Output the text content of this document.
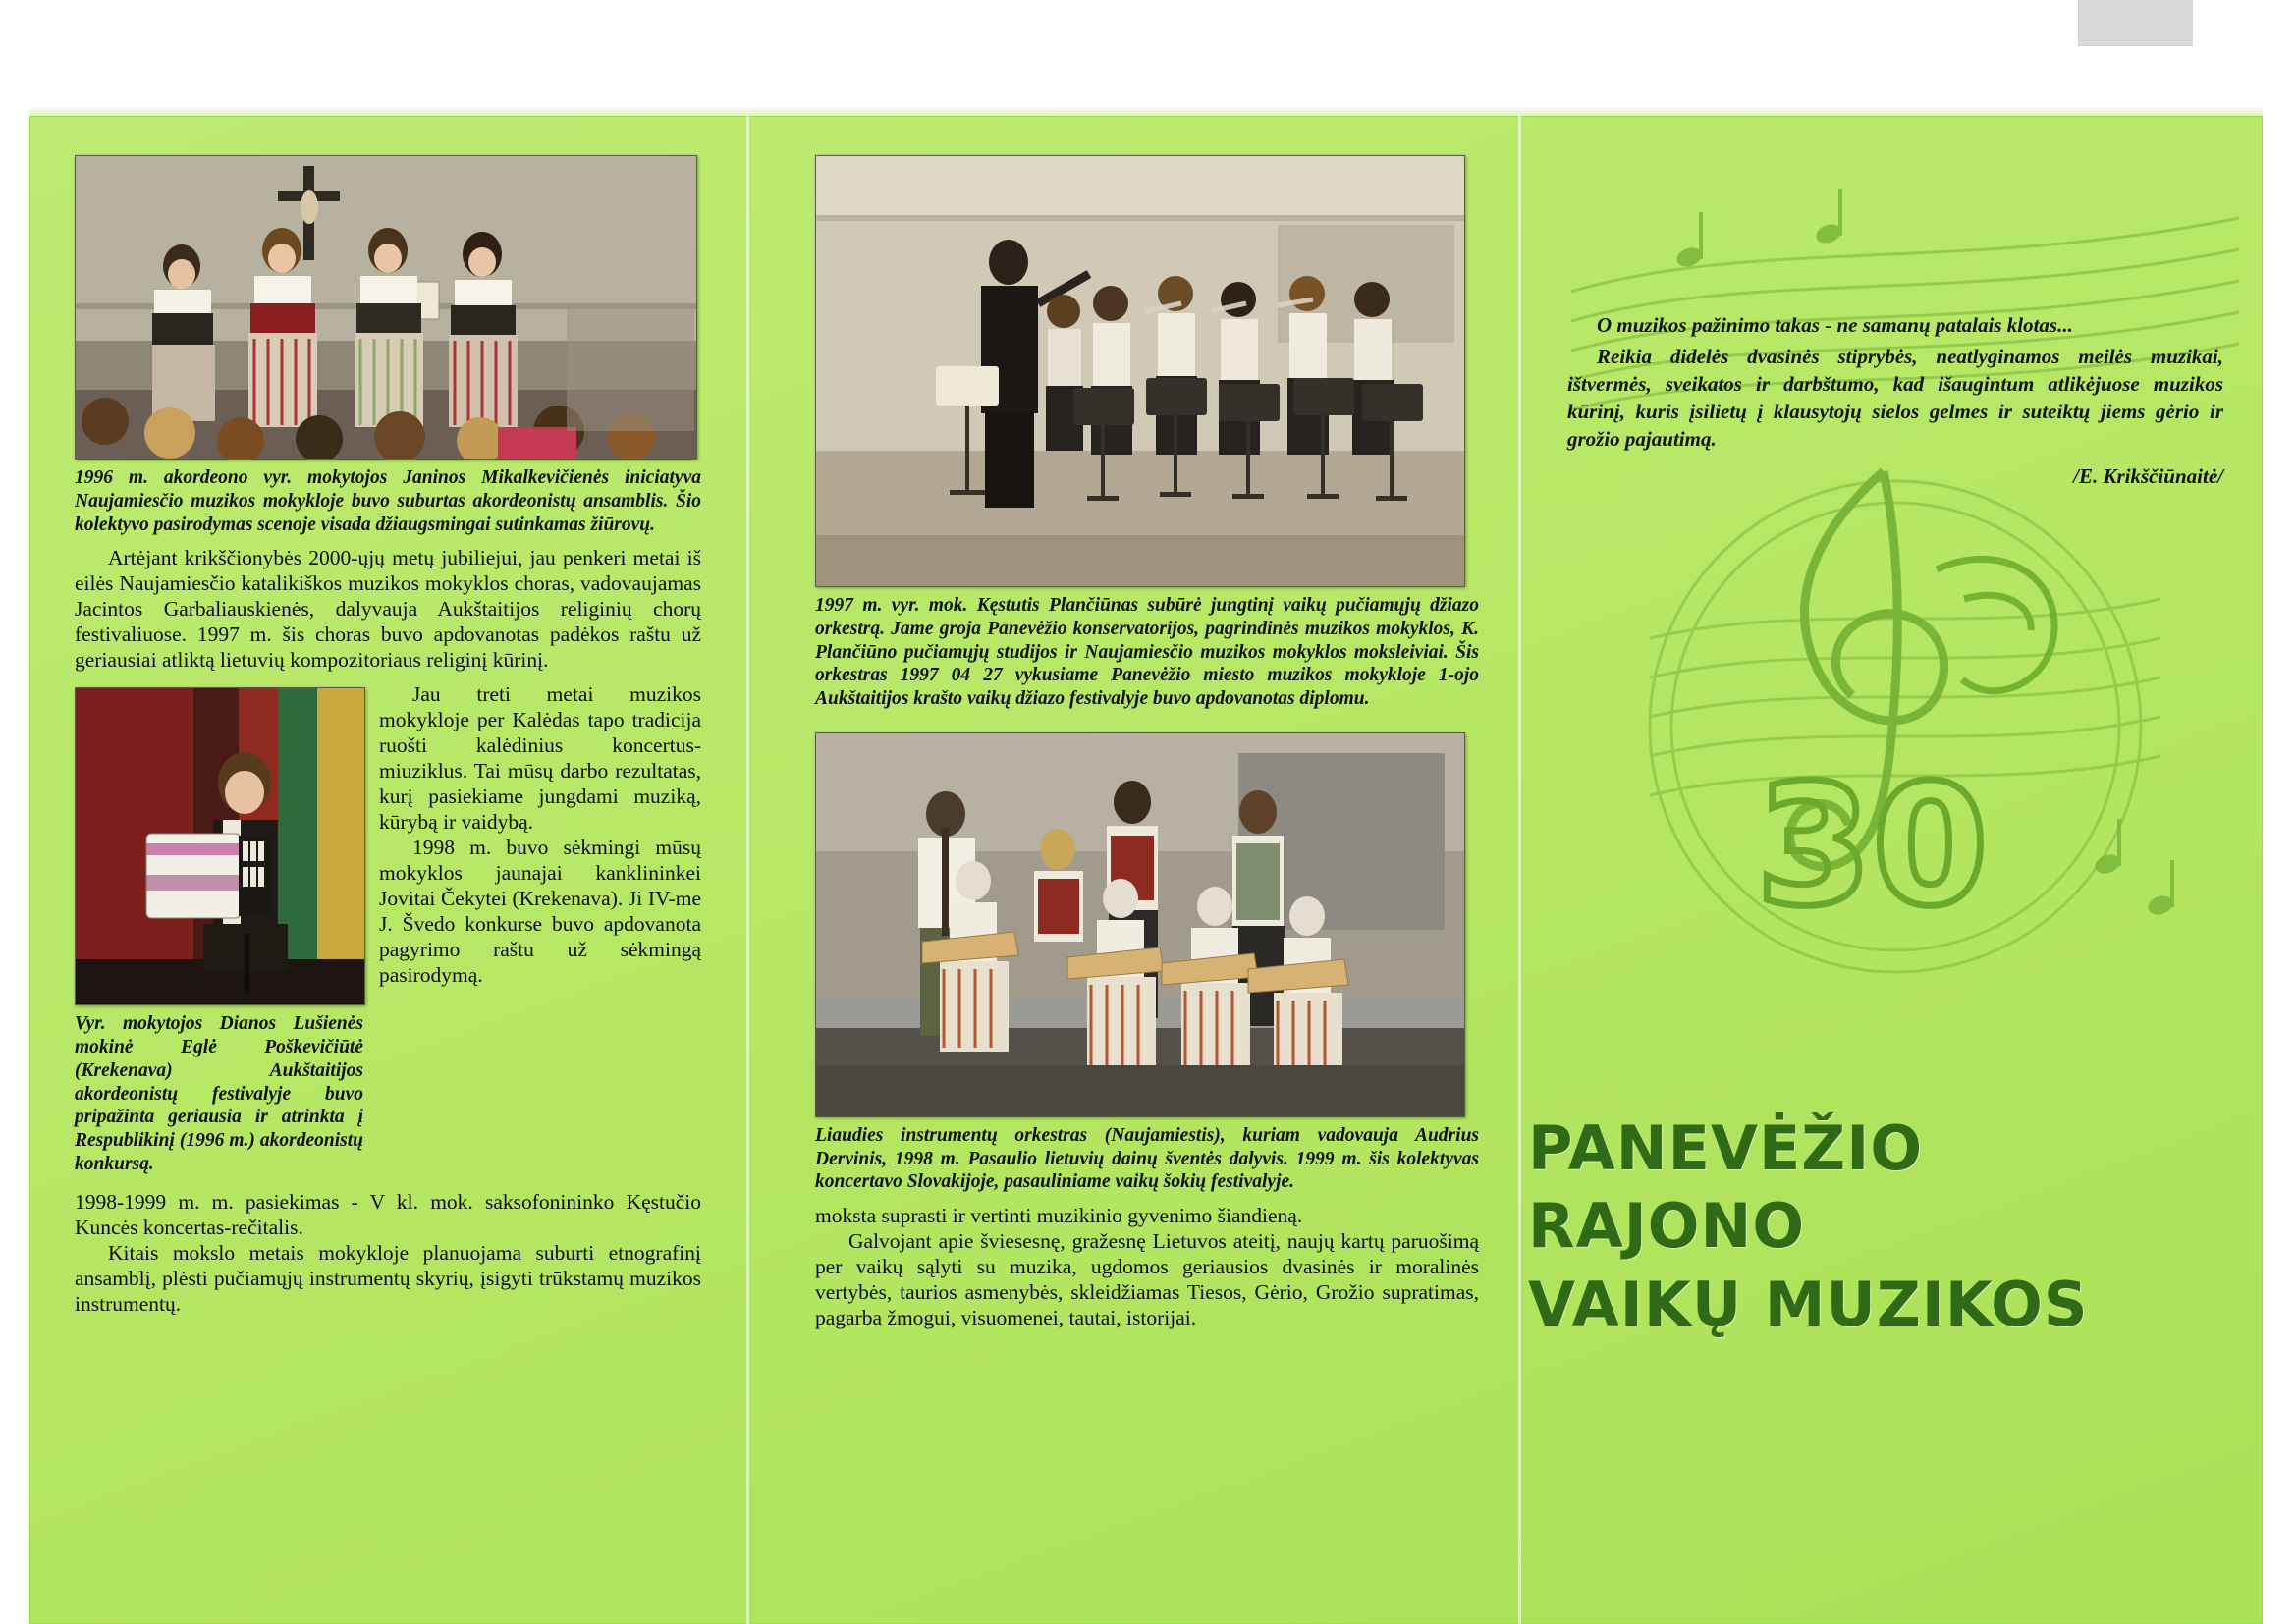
30
1996 m. akordeono vyr. mokytojos Janinos Mikalkevičienės iniciatyva Naujamiesčio muzikos mokykloje buvo suburtas akordeonistų ansamblis. Šio kolektyvo pasirodymas scenoje visada džiaugsmingai sutinkamas žiūrovų.

Artėjant krikščionybės 2000-ųjų metų jubiliejui, jau penkeri metai iš eilės Naujamiesčio katalikiškos muzikos mokyklos choras, vadovaujamas Jacintos Garbaliauskienės, dalyvauja Aukštaitijos religinių chorų festivaliuose. 1997 m. šis choras buvo apdovanotas padėkos raštu už geriausiai atliktą lietuvių kompozitoriaus religinį kūrinį.

Vyr. mokytojos Dianos Lušienės mokinė Eglė Poškevičiūtė (Krekenava) Aukštaitijos akordeonistų festivalyje buvo pripažinta geriausia ir atrinkta į Respublikinį (1996 m.) akordeonistų konkursą.

Jau treti metai muzikos mokykloje per Kalėdas tapo tradicija ruošti kalėdinius koncertus-miuziklus. Tai mūsų darbo rezultatas, kurį pasiekiame jungdami muziką, kūrybą ir vaidybą.

1998 m. buvo sėkmingi mūsų mokyklos jaunajai kanklininkei Jovitai Čekytei (Krekenava). Ji IV-me J. Švedo konkurse buvo apdovanota pagyrimo raštu už sėkmingą pasirodymą.

1998-1999 m. m. pasiekimas - V kl. mok. saksofonininko Kęstučio Kuncės koncertas-rečitalis.

Kitais mokslo metais mokykloje planuojama suburti etnografinį ansamblį, plėsti pučiamųjų instrumentų skyrių, įsigyti trūkstamų muzikos instrumentų.

1997 m. vyr. mok. Kęstutis Plančiūnas subūrė jungtinį vaikų pučiamųjų džiazo orkestrą. Jame groja Panevėžio konservatorijos, pagrindinės muzikos mokyklos, K. Plančiūno pučiamųjų studijos ir Naujamiesčio muzikos mokyklos moksleiviai. Šis orkestras 1997 04 27 vykusiame Panevėžio miesto muzikos mokykloje 1-ojo Aukštaitijos krašto vaikų džiazo festivalyje buvo apdovanotas diplomu.
Liaudies instrumentų orkestras (Naujamiestis), kuriam vadovauja Audrius Dervinis, 1998 m. Pasaulio lietuvių dainų šventės dalyvis. 1999 m. šis kolektyvas koncertavo Slovakijoje, pasauliniame vaikų šokių festivalyje.

moksta suprasti ir vertinti muzikinio gyvenimo šiandieną.

Galvojant apie šviesesnę, gražesnę Lietuvos ateitį, naujų kartų paruošimą per vaikų sąlyti su muzika, ugdomos geriausios dvasinės ir moralinės vertybės, taurios asmenybės, skleidžiamas Tiesos, Gėrio, Grožio supratimas, pagarba žmogui, visuomenei, tautai, istorijai.

O muzikos pažinimo takas - ne samanų patalais klotas...

Reikia didelės dvasinės stiprybės, neatlyginamos meilės muzikai, ištvermės, sveikatos ir darbštumo, kad išaugintum atlikėjuose muzikos kūrinį, kuris įsilietų į klausytojų sielos gelmes ir suteiktų jiems gėrio ir grožio pajautimą.

/E. Krikščiūnaitė/

PANEVĖŽIO
RAJONO
VAIKŲ MUZIKOS
